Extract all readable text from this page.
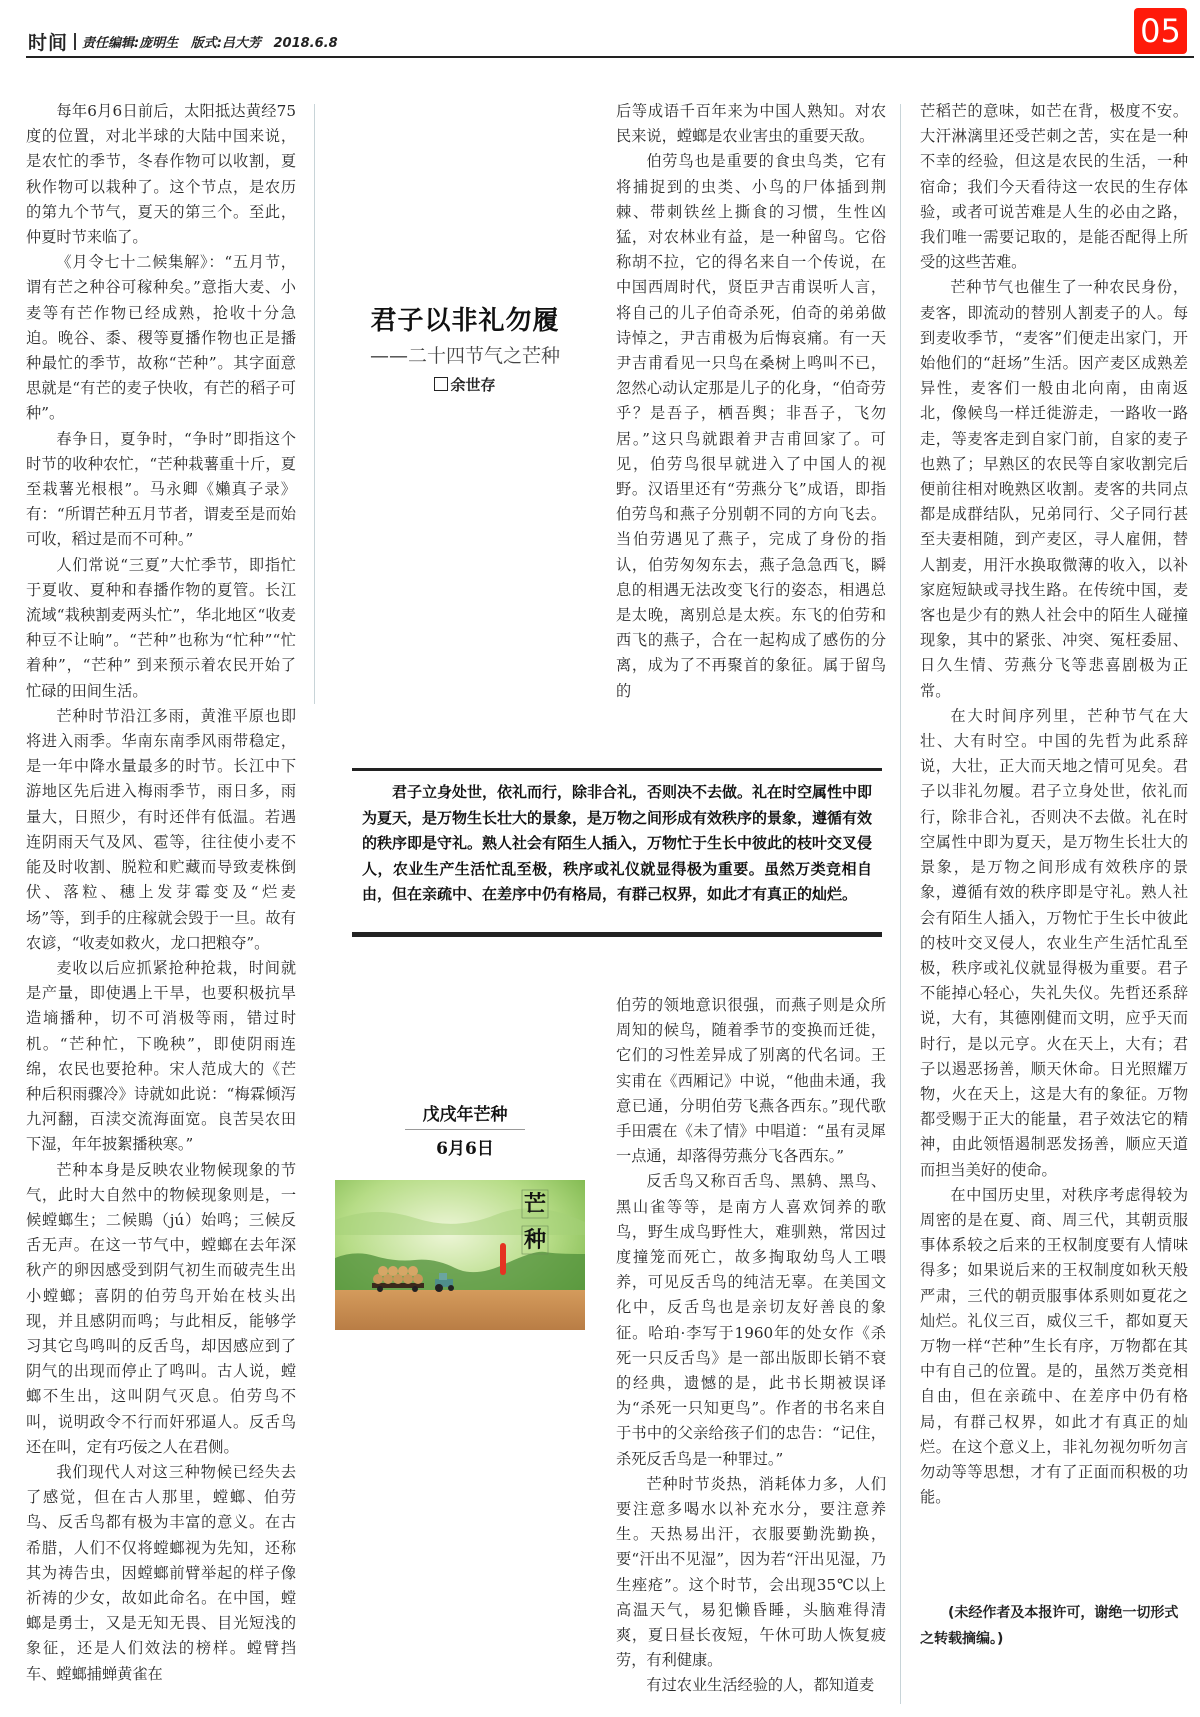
时间 责任编辑:庞明生 版式:吕大芳 2018.6.8	05

每年6月6日前后，太阳抵达黄经75度的位置，对北半球的大陆中国来说，是农忙的季节，冬春作物可以收割，夏秋作物可以栽种了。这个节点，是农历的第九个节气，夏天的第三个。至此，仲夏时节来临了。

《月令七十二候集解》：“五月节，谓有芒之种谷可稼种矣。”意指大麦、小麦等有芒作物已经成熟，抢收十分急迫。晚谷、黍、稷等夏播作物也正是播种最忙的季节，故称“芒种”。其字面意思就是“有芒的麦子快收，有芒的稻子可种”。

春争日，夏争时，“争时”即指这个时节的收种农忙，“芒种栽薯重十斤，夏至栽薯光根根”。马永卿《嬾真子录》有：“所谓芒种五月节者，谓麦至是而始可收，稻过是而不可种。”

人们常说“三夏”大忙季节，即指忙于夏收、夏种和春播作物的夏管。长江流域“栽秧割麦两头忙”，华北地区“收麦种豆不让晌”。“芒种”也称为“忙种”“忙着种”，“芒种” 到来预示着农民开始了忙碌的田间生活。

芒种时节沿江多雨，黄淮平原也即将进入雨季。华南东南季风雨带稳定，是一年中降水量最多的时节。长江中下游地区先后进入梅雨季节，雨日多，雨量大，日照少，有时还伴有低温。若遇连阴雨天气及风、雹等，往往使小麦不能及时收割、脱粒和贮藏而导致麦株倒伏、落粒、穗上发芽霉变及“烂麦场”等，到手的庄稼就会毁于一旦。故有农谚，“收麦如救火，龙口把粮夺”。

麦收以后应抓紧抢种抢栽，时间就是产量，即使遇上干旱，也要积极抗旱造墒播种，切不可消极等雨，错过时机。“芒种忙，下晚秧”，即使阴雨连绵，农民也要抢种。宋人范成大的《芒种后积雨骤冷》诗就如此说：“梅霖倾泻九河翻，百渎交流海面宽。良苦吴农田下湿，年年披絮播秧寒。”

芒种本身是反映农业物候现象的节气，此时大自然中的物候现象则是，一候螳螂生；二候鵙（jú）始鸣；三候反舌无声。在这一节气中，螳螂在去年深秋产的卵因感受到阴气初生而破壳生出小螳螂；喜阴的伯劳鸟开始在枝头出现，并且感阴而鸣；与此相反，能够学习其它鸟鸣叫的反舌鸟，却因感应到了阴气的出现而停止了鸣叫。古人说，螳螂不生出，这叫阴气灭息。伯劳鸟不叫，说明政令不行而奸邪逼人。反舌鸟还在叫，定有巧佞之人在君侧。

我们现代人对这三种物候已经失去了感觉，但在古人那里，螳螂、伯劳鸟、反舌鸟都有极为丰富的意义。在古希腊，人们不仅将螳螂视为先知，还称其为祷告虫，因螳螂前臂举起的样子像祈祷的少女，故如此命名。在中国，螳螂是勇士，又是无知无畏、目光短浅的象征，还是人们效法的榜样。螳臂挡车、螳螂捕蝉黄雀在

君子以非礼勿履
——二十四节气之芒种
余世存

后等成语千百年来为中国人熟知。对农民来说，螳螂是农业害虫的重要天敌。

伯劳鸟也是重要的食虫鸟类，它有将捕捉到的虫类、小鸟的尸体插到荆棘、带刺铁丝上撕食的习惯，生性凶猛，对农林业有益，是一种留鸟。它俗称胡不拉，它的得名来自一个传说，在中国西周时代，贤臣尹吉甫误听人言，将自己的儿子伯奇杀死，伯奇的弟弟做诗悼之，尹吉甫极为后悔哀痛。有一天尹吉甫看见一只鸟在桑树上鸣叫不已，忽然心动认定那是儿子的化身，“伯奇劳乎？是吾子，栖吾舆；非吾子，飞勿居。”这只鸟就跟着尹吉甫回家了。可见，伯劳鸟很早就进入了中国人的视野。汉语里还有“劳燕分飞”成语，即指伯劳鸟和燕子分别朝不同的方向飞去。当伯劳遇见了燕子，完成了身份的指认，伯劳匆匆东去，燕子急急西飞，瞬息的相遇无法改变飞行的姿态，相遇总是太晚，离别总是太疾。东飞的伯劳和西飞的燕子，合在一起构成了感伤的分离，成为了不再聚首的象征。属于留鸟的

君子立身处世，依礼而行，除非合礼，否则决不去做。礼在时空属性中即为夏天，是万物生长壮大的景象，是万物之间形成有效秩序的景象，遵循有效的秩序即是守礼。熟人社会有陌生人插入，万物忙于生长中彼此的枝叶交叉侵人，农业生产生活忙乱至极，秩序或礼仪就显得极为重要。虽然万类竞相自由，但在亲疏中、在差序中仍有格局，有群己权界，如此才有真正的灿烂。

戊戌年芒种
6月6日
芒
种

伯劳的领地意识很强，而燕子则是众所周知的候鸟，随着季节的变换而迁徙，它们的习性差异成了别离的代名词。王实甫在《西厢记》中说，“他曲未通，我意已通，分明伯劳飞燕各西东。”现代歌手田震在《未了情》中唱道：“虽有灵犀一点通，却落得劳燕分飞各西东。”

反舌鸟又称百舌鸟、黑鸫、黑鸟、黑山雀等等，是南方人喜欢饲养的歌鸟，野生成鸟野性大，难驯熟，常因过度撞笼而死亡，故多掏取幼鸟人工喂养，可见反舌鸟的纯洁无辜。在美国文化中，反舌鸟也是亲切友好善良的象征。哈珀·李写于1960年的处女作《杀死一只反舌鸟》是一部出版即长销不衰的经典，遗憾的是，此书长期被误译为“杀死一只知更鸟”。作者的书名来自于书中的父亲给孩子们的忠告：“记住，杀死反舌鸟是一种罪过。”

芒种时节炎热，消耗体力多，人们要注意多喝水以补充水分，要注意养生。天热易出汗，衣服要勤洗勤换，要“汗出不见湿”，因为若“汗出见湿，乃生痤疮”。这个时节，会出现35℃以上高温天气，易犯懒昏睡，头脑难得清爽，夏日昼长夜短，午休可助人恢复疲劳，有利健康。

有过农业生活经验的人，都知道麦

芒稻芒的意味，如芒在背，极度不安。大汗淋漓里还受芒刺之苦，实在是一种不幸的经验，但这是农民的生活，一种宿命；我们今天看待这一农民的生存体验，或者可说苦难是人生的必由之路，我们唯一需要记取的，是能否配得上所受的这些苦难。

芒种节气也催生了一种农民身份，麦客，即流动的替别人割麦子的人。每到麦收季节，“麦客”们便走出家门，开始他们的“赶场”生活。因产麦区成熟差异性，麦客们一般由北向南，由南返北，像候鸟一样迁徙游走，一路收一路走，等麦客走到自家门前，自家的麦子也熟了；早熟区的农民等自家收割完后便前往相对晚熟区收割。麦客的共同点都是成群结队，兄弟同行、父子同行甚至夫妻相随，到产麦区，寻人雇佣，替人割麦，用汗水换取微薄的收入，以补家庭短缺或寻找生路。在传统中国，麦客也是少有的熟人社会中的陌生人碰撞现象，其中的紧张、冲突、冤枉委屈、日久生情、劳燕分飞等悲喜剧极为正常。

在大时间序列里，芒种节气在大壮、大有时空。中国的先哲为此系辞说，大壮，正大而天地之情可见矣。君子以非礼勿履。君子立身处世，依礼而行，除非合礼，否则决不去做。礼在时空属性中即为夏天，是万物生长壮大的景象，是万物之间形成有效秩序的景象，遵循有效的秩序即是守礼。熟人社会有陌生人插入，万物忙于生长中彼此的枝叶交叉侵人，农业生产生活忙乱至极，秩序或礼仪就显得极为重要。君子不能掉心轻心，失礼失仪。先哲还系辞说，大有，其德刚健而文明，应乎天而时行，是以元亨。火在天上，大有；君子以遏恶扬善，顺天休命。日光照耀万物，火在天上，这是大有的象征。万物都受赐于正大的能量，君子效法它的精神，由此领悟遏制恶发扬善，顺应天道而担当美好的使命。

在中国历史里，对秩序考虑得较为周密的是在夏、商、周三代，其朝贡服事体系较之后来的王权制度要有人情味得多；如果说后来的王权制度如秋天般严肃，三代的朝贡服事体系则如夏花之灿烂。礼仪三百，威仪三千，都如夏天万物一样“芒种”生长有序，万物都在其中有自己的位置。是的，虽然万类竞相自由，但在亲疏中、在差序中仍有格局，有群己权界，如此才有真正的灿烂。在这个意义上，非礼勿视勿听勿言勿动等等思想，才有了正面而积极的功能。

(未经作者及本报许可，谢绝一切形式之转载摘编。)
